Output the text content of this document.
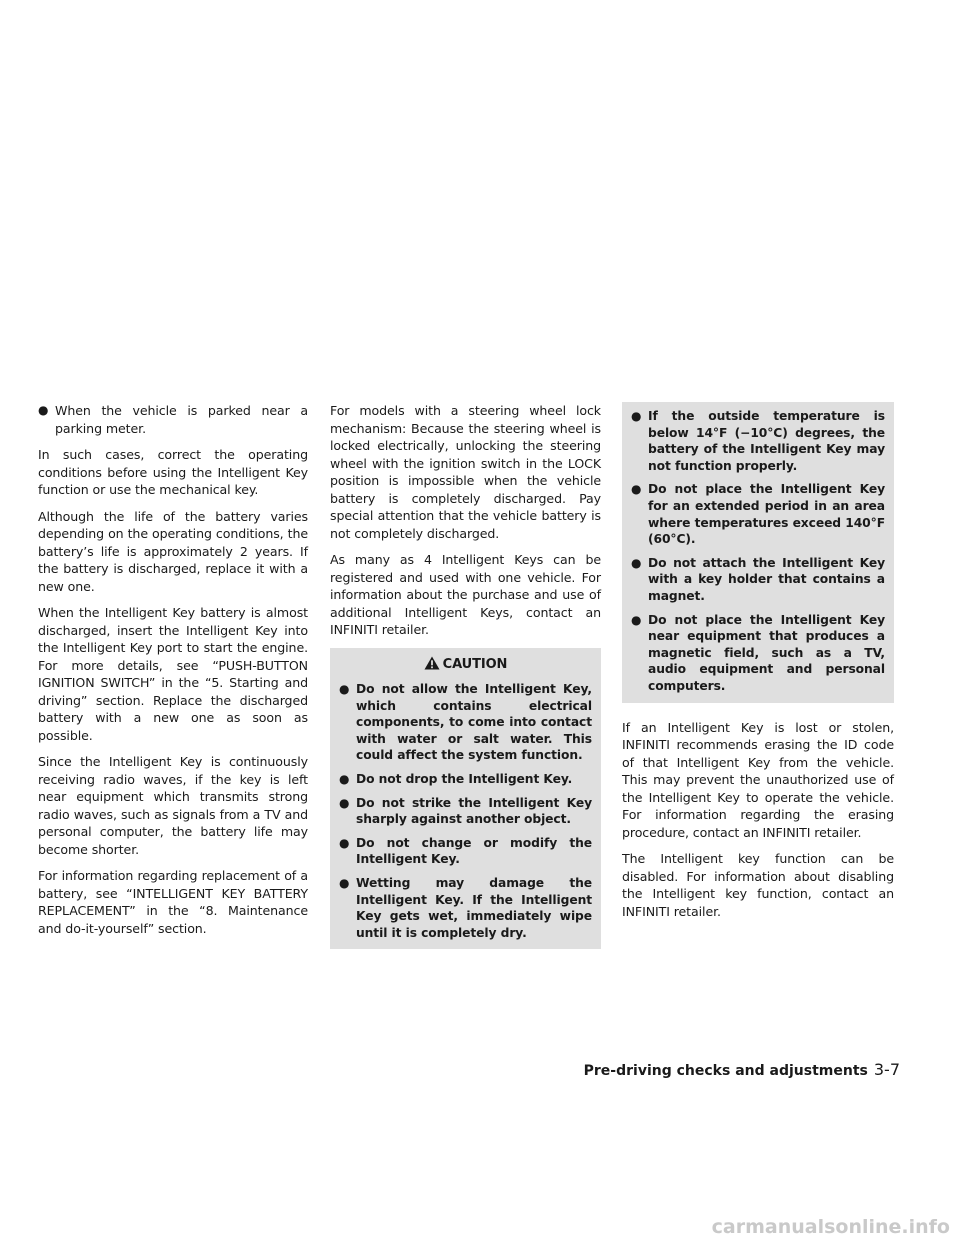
● When the vehicle is parked near a parking meter.

In such cases, correct the operating conditions before using the Intelligent Key function or use the mechanical key.

Although the life of the battery varies depending on the operating conditions, the battery’s life is approximately 2 years. If the battery is discharged, replace it with a new one.

When the Intelligent Key battery is almost discharged, insert the Intelligent Key into the Intelligent Key port to start the engine. For more details, see “PUSH-BUTTON IGNITION SWITCH” in the “5. Starting and driving” section. Replace the discharged battery with a new one as soon as possible.

Since the Intelligent Key is continuously receiving radio waves, if the key is left near equipment which transmits strong radio waves, such as signals from a TV and personal computer, the battery life may become shorter.

For information regarding replacement of a battery, see “INTELLIGENT KEY BATTERY REPLACEMENT” in the “8. Maintenance and do-it-yourself” section.

For models with a steering wheel lock mechanism: Because the steering wheel is locked electrically, unlocking the steering wheel with the ignition switch in the LOCK position is impossible when the vehicle battery is completely discharged. Pay special attention that the vehicle battery is not completely discharged.

As many as 4 Intelligent Keys can be registered and used with one vehicle. For information about the purchase and use of additional Intelligent Keys, contact an INFINITI retailer.

CAUTION
● Do not allow the Intelligent Key, which contains electrical components, to come into contact with water or salt water. This could affect the system function.
● Do not drop the Intelligent Key.
● Do not strike the Intelligent Key sharply against another object.
● Do not change or modify the Intelligent Key.
● Wetting may damage the Intelligent Key. If the Intelligent Key gets wet, immediately wipe until it is completely dry.
● If the outside temperature is below 14°F (−10°C) degrees, the battery of the Intelligent Key may not function properly.
● Do not place the Intelligent Key for an extended period in an area where temperatures exceed 140°F (60°C).
● Do not attach the Intelligent Key with a key holder that contains a magnet.
● Do not place the Intelligent Key near equipment that produces a magnetic field, such as a TV, audio equipment and personal computers.

If an Intelligent Key is lost or stolen, INFINITI recommends erasing the ID code of that Intelligent Key from the vehicle. This may prevent the unauthorized use of the Intelligent Key to operate the vehicle. For information regarding the erasing procedure, contact an INFINITI retailer.

The Intelligent key function can be disabled. For information about disabling the Intelligent key function, contact an INFINITI retailer.

Pre-driving checks and adjustments 3-7
carmanualsonline.info
